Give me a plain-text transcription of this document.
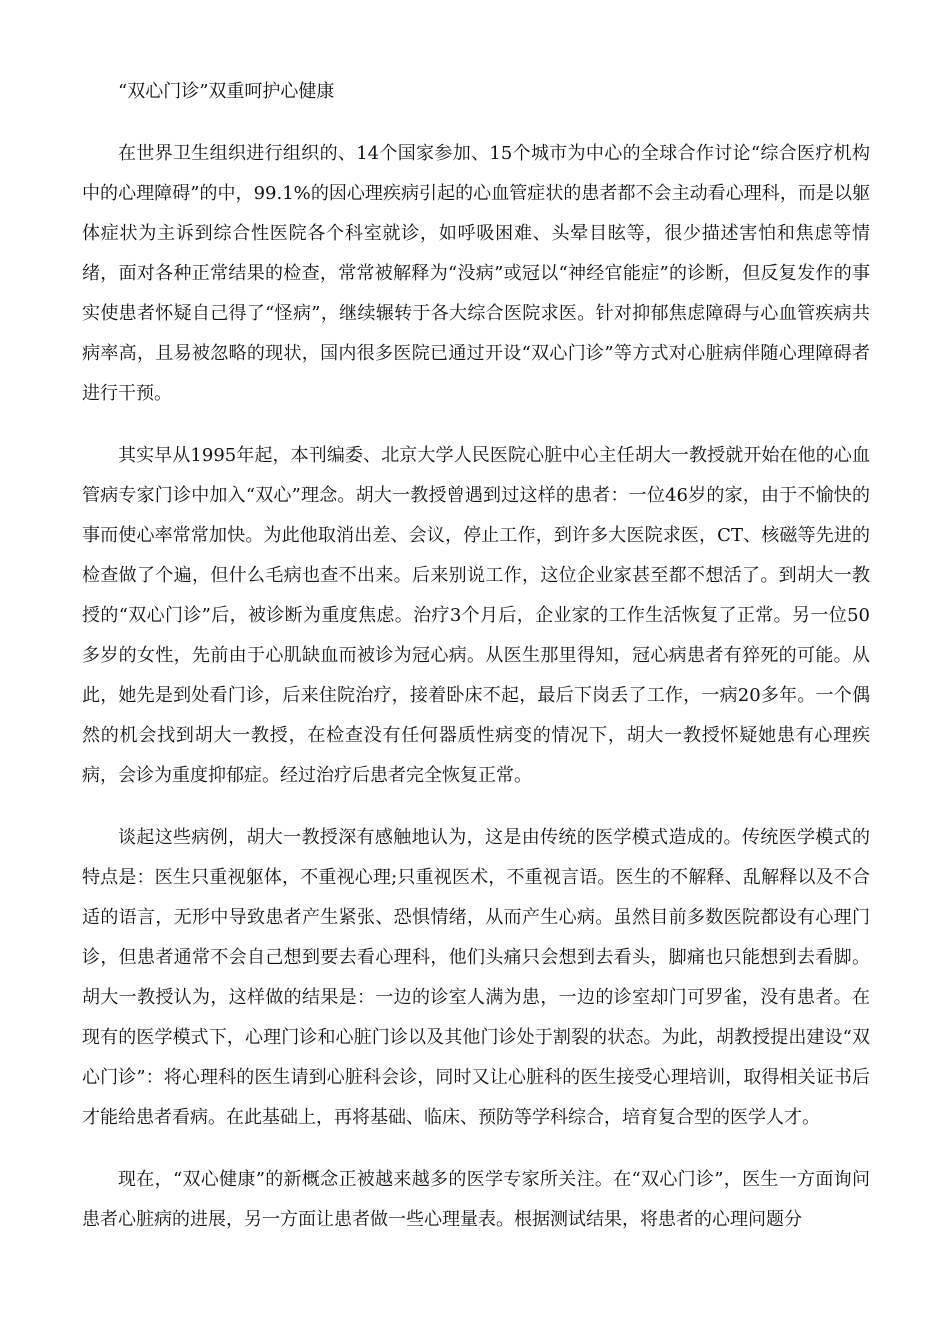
“双心门诊”双重呵护心健康

在世界卫生组织进行组织的、14个国家参加、15个城市为中心的全球合作讨论“综合医疗机构中的心理障碍”的中，99.1%的因心理疾病引起的心血管症状的患者都不会主动看心理科，而是以躯体症状为主诉到综合性医院各个科室就诊，如呼吸困难、头晕目眩等，很少描述害怕和焦虑等情绪，面对各种正常结果的检查，常常被解释为“没病”或冠以“神经官能症”的诊断，但反复发作的事实使患者怀疑自己得了“怪病”，继续辗转于各大综合医院求医。针对抑郁焦虑障碍与心血管疾病共病率高，且易被忽略的现状，国内很多医院已通过开设“双心门诊”等方式对心脏病伴随心理障碍者进行干预。

其实早从1995年起，本刊编委、北京大学人民医院心脏中心主任胡大一教授就开始在他的心血管病专家门诊中加入“双心”理念。胡大一教授曾遇到过这样的患者：一位46岁的家，由于不愉快的事而使心率常常加快。为此他取消出差、会议，停止工作，到许多大医院求医，CT、核磁等先进的检查做了个遍，但什么毛病也查不出来。后来别说工作，这位企业家甚至都不想活了。到胡大一教授的“双心门诊”后，被诊断为重度焦虑。治疗3个月后，企业家的工作生活恢复了正常。另一位50多岁的女性，先前由于心肌缺血而被诊为冠心病。从医生那里得知，冠心病患者有猝死的可能。从此，她先是到处看门诊，后来住院治疗，接着卧床不起，最后下岗丢了工作，一病20多年。一个偶然的机会找到胡大一教授，在检查没有任何器质性病变的情况下，胡大一教授怀疑她患有心理疾病，会诊为重度抑郁症。经过治疗后患者完全恢复正常。

谈起这些病例，胡大一教授深有感触地认为，这是由传统的医学模式造成的。传统医学模式的特点是：医生只重视躯体，不重视心理;只重视医术，不重视言语。医生的不解释、乱解释以及不合适的语言，无形中导致患者产生紧张、恐惧情绪，从而产生心病。虽然目前多数医院都设有心理门诊，但患者通常不会自己想到要去看心理科，他们头痛只会想到去看头，脚痛也只能想到去看脚。胡大一教授认为，这样做的结果是：一边的诊室人满为患，一边的诊室却门可罗雀，没有患者。在现有的医学模式下，心理门诊和心脏门诊以及其他门诊处于割裂的状态。为此，胡教授提出建设“双心门诊”：将心理科的医生请到心脏科会诊，同时又让心脏科的医生接受心理培训，取得相关证书后才能给患者看病。在此基础上，再将基础、临床、预防等学科综合，培育复合型的医学人才。

现在，“双心健康”的新概念正被越来越多的医学专家所关注。在“双心门诊”，医生一方面询问患者心脏病的进展，另一方面让患者做一些心理量表。根据测试结果，将患者的心理问题分
